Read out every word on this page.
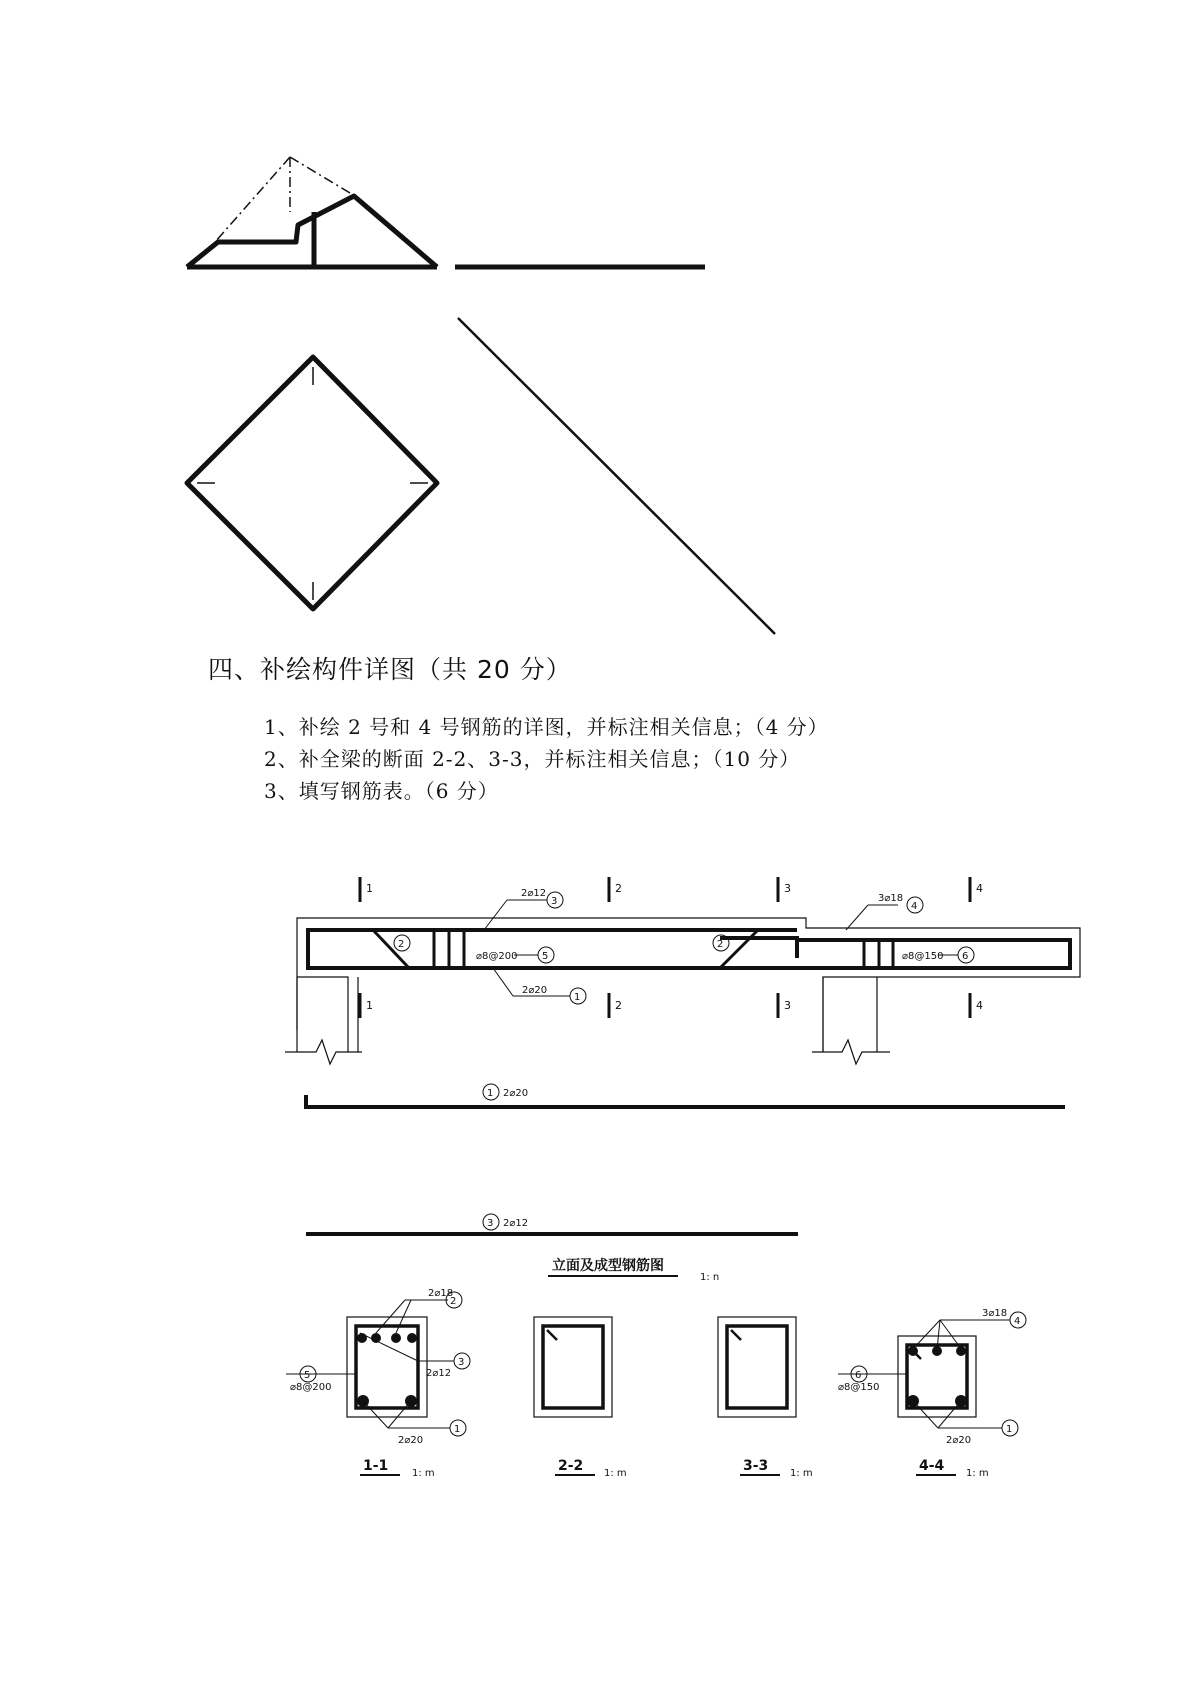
四、补绘构件详图（共 20 分）
1、补绘 2 号和 4 号钢筋的详图，并标注相关信息；（4 分）
2、补全梁的断面 2-2、3-3，并标注相关信息；（10 分）
3、填写钢筋表。（6 分）
1
1
2
2
3
3
4
4
2⌀12	3⌀18
⌀8@200	⌀8@150
2⌀20
2	2
3	4
5	6
1
1 2⌀20
3 2⌀12
立面及成型钢筋图
1: n
2⌀18
2⌀12
⌀8@200
2⌀20
2
3
1
5
3⌀18
⌀8@150
2⌀20
4
1
6
1-1 1: m	2-2 1: m	3-3 1: m	4-4 1: m
